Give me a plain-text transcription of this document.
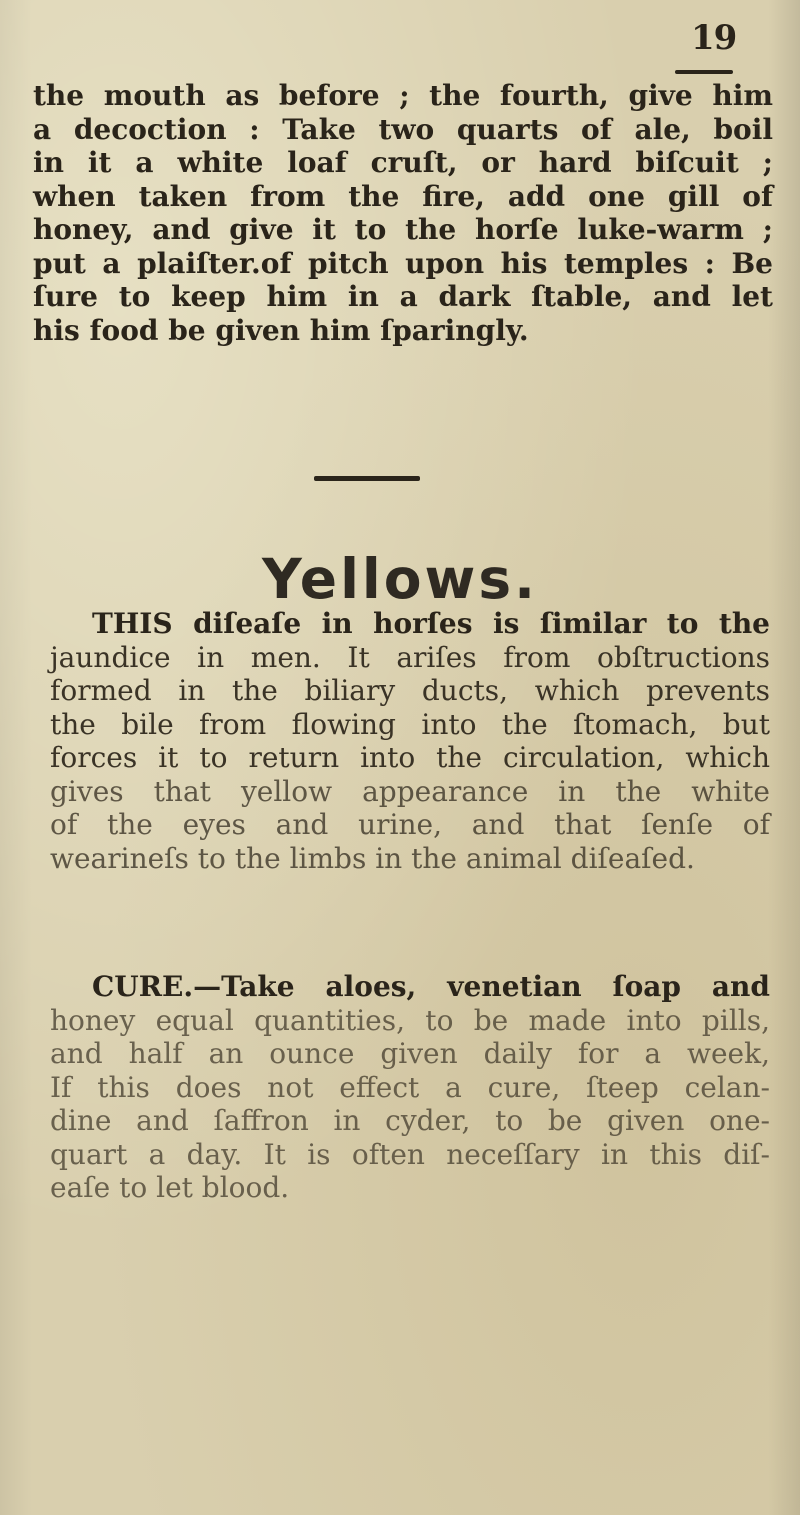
19

the mouth as before ; the fourth, give him
a decoction : Take two quarts of ale, boil
in it a white loaf cruſt, or hard biſcuit ;
when taken from the fire, add one gill of
honey, and give it to the horſe luke-warm ;
put a plaiſter.of pitch upon his temples : Be
ſure to keep him in a dark ſtable, and let
his food be given him ſparingly.

Yellows.

THIS diſeaſe in horſes is ſimilar to the
jaundice in men. It ariſes from obſtructions
formed in the biliary ducts, which prevents
the bile from flowing into the ſtomach, but
forces it to return into the circulation, which
gives that yellow appearance in the white
of the eyes and urine, and that ſenſe of
wearineſs to the limbs in the animal diſeaſed.

CURE.—Take aloes, venetian ſoap and
honey equal quantities, to be made into pills,
and half an ounce given daily for a week,
If this does not effect a cure, ſteep celan-
dine and ſaffron in cyder, to be given one-
quart a day. It is often neceſſary in this diſ-
eaſe to let blood.
